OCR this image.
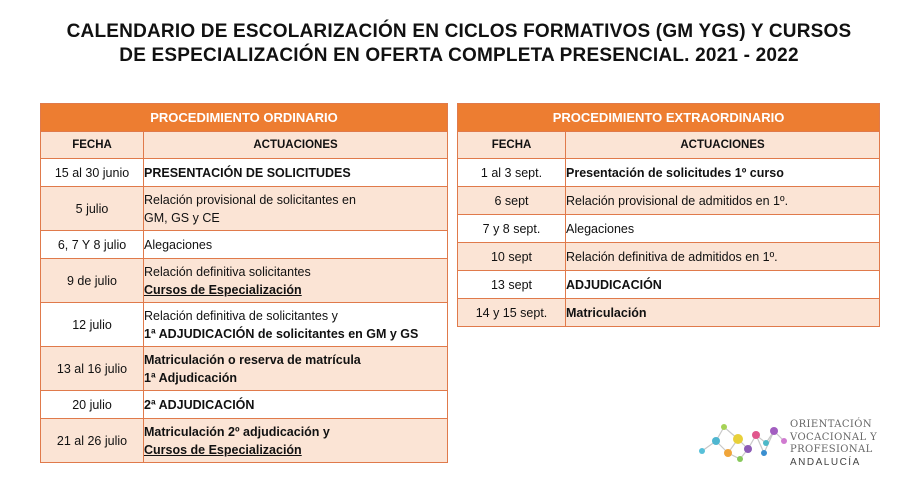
CALENDARIO DE ESCOLARIZACIÓN EN CICLOS FORMATIVOS (GM YGS) Y CURSOS
DE ESPECIALIZACIÓN EN OFERTA COMPLETA PRESENCIAL. 2021 - 2022
PROCEDIMIENTO ORDINARIO	
FECHA	ACTUACIONES
15 al 30 junio	PRESENTACIÓN DE SOLICITUDES
5 julio	Relación provisional de solicitantes en
GM, GS y CE

6, 7 Y 8 julio	Alegaciones
9 de julio	Relación definitiva solicitantes
Cursos de Especialización

12 julio	Relación definitiva de solicitantes y
1ª ADJUDICACIÓN de solicitantes en GM y GS

13 al 16 julio	Matriculación o reserva de matrícula
1ª Adjudicación

20 julio	2ª ADJUDICACIÓN
21 al 26 julio	Matriculación 2º adjudicación y
Cursos de Especialización
PROCEDIMIENTO EXTRAORDINARIO	
FECHA	ACTUACIONES
1 al 3 sept.	Presentación de solicitudes 1º curso
6 sept	Relación provisional de admitidos en 1º.
7 y 8 sept.	Alegaciones
10 sept	Relación definitiva de admitidos en 1º.
13 sept	ADJUDICACIÓN
14 y 15 sept.	Matriculación
ORIENTACIÓN
VOCACIONAL Y
PROFESIONAL
ANDALUCÍA
